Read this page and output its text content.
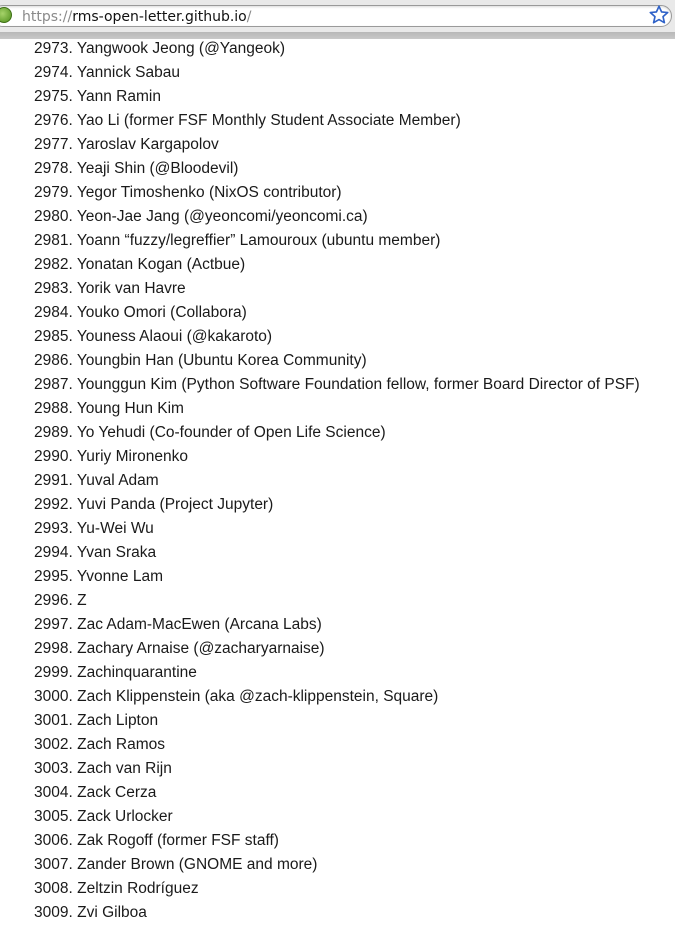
https://rms-open-letter.github.io/
2973. Yangwook Jeong (@Yangeok)
2974. Yannick Sabau
2975. Yann Ramin
2976. Yao Li (former FSF Monthly Student Associate Member)
2977. Yaroslav Kargapolov
2978. Yeaji Shin (@Bloodevil)
2979. Yegor Timoshenko (NixOS contributor)
2980. Yeon-Jae Jang (@yeoncomi/yeoncomi.ca)
2981. Yoann “fuzzy/legreffier” Lamouroux (ubuntu member)
2982. Yonatan Kogan (Actbue)
2983. Yorik van Havre
2984. Youko Omori (Collabora)
2985. Youness Alaoui (@kakaroto)
2986. Youngbin Han (Ubuntu Korea Community)
2987. Younggun Kim (Python Software Foundation fellow, former Board Director of PSF)
2988. Young Hun Kim
2989. Yo Yehudi (Co-founder of Open Life Science)
2990. Yuriy Mironenko
2991. Yuval Adam
2992. Yuvi Panda (Project Jupyter)
2993. Yu-Wei Wu
2994. Yvan Sraka
2995. Yvonne Lam
2996. Z
2997. Zac Adam-MacEwen (Arcana Labs)
2998. Zachary Arnaise (@zacharyarnaise)
2999. Zachinquarantine
3000. Zach Klippenstein (aka @zach-klippenstein, Square)
3001. Zach Lipton
3002. Zach Ramos
3003. Zach van Rijn
3004. Zack Cerza
3005. Zack Urlocker
3006. Zak Rogoff (former FSF staff)
3007. Zander Brown (GNOME and more)
3008. Zeltzin Rodríguez
3009. Zvi Gilboa
